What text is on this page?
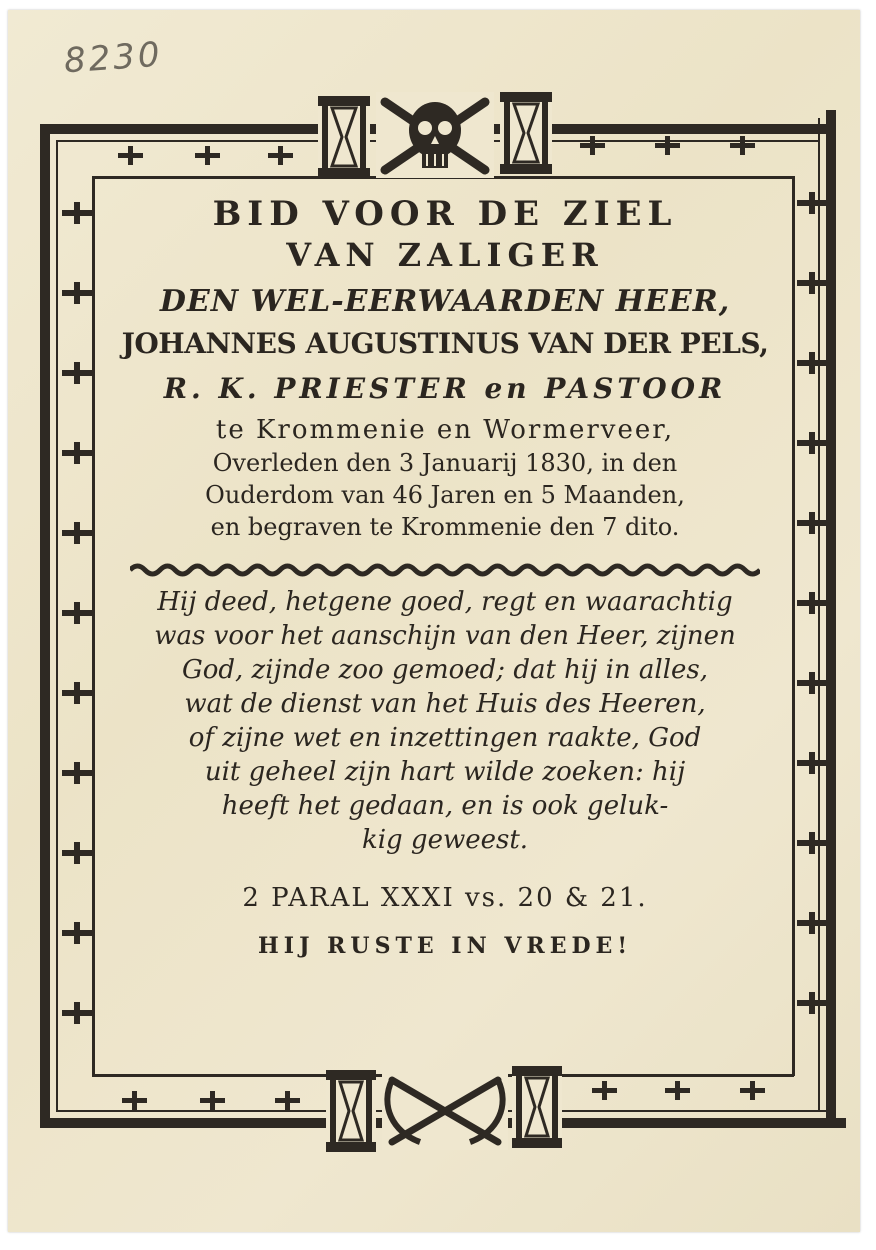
8230
BID VOOR DE ZIEL
VAN ZALIGER
DEN WEL-EERWAARDEN HEER,
JOHANNES AUGUSTINUS VAN DER PELS,
R. K. PRIESTER en PASTOOR
te Krommenie en Wormerveer,
Overleden den 3 Januarij 1830, in den
Ouderdom van 46 Jaren en 5 Maanden,
en begraven te Krommenie den 7 dito.
Hij deed, hetgene goed, regt en waarachtig
was voor het aanschijn van den Heer, zijnen
God, zijnde zoo gemoed; dat hij in alles,
wat de dienst van het Huis des Heeren,
of zijne wet en inzettingen raakte, God
uit geheel zijn hart wilde zoeken: hij
heeft het gedaan, en is ook geluk-
kig geweest.
2 PARAL XXXI vs. 20 & 21.
HIJ RUSTE IN VREDE!
